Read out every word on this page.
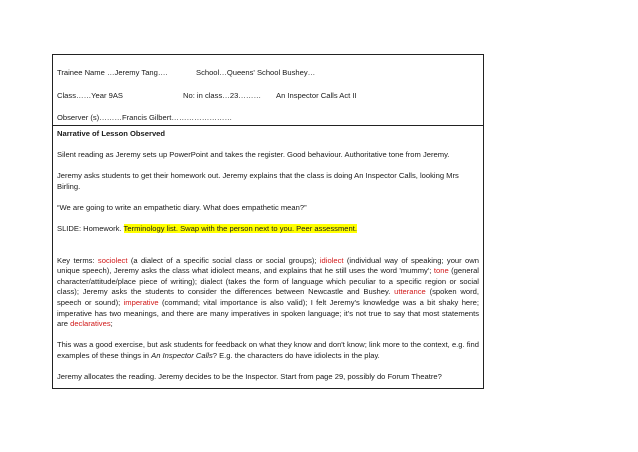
Trainee Name …Jeremy Tang….	School…Queens' School Bushey…
Class……Year 9AS	No: in class…23……… An Inspector Calls Act II
Observer (s)………Francis Gilbert……………………

Narrative of Lesson Observed

Silent reading as Jeremy sets up PowerPoint and takes the register. Good behaviour. Authoritative tone from Jeremy.

Jeremy asks students to get their homework out. Jeremy explains that the class is doing An Inspector Calls, looking Mrs Birling.

“We are going to write an empathetic diary. What does empathetic mean?”

SLIDE: Homework. Terminology list. Swap with the person next to you. Peer assessment.

Key terms: sociolect (a dialect of a specific social class or social groups); idiolect (individual way of speaking; your own unique speech), Jeremy asks the class what idiolect means, and explains that he still uses the word 'mummy'; tone (general character/attitude/place piece of writing); dialect (takes the form of language which peculiar to a specific region or social class); Jeremy asks the students to consider the differences between Newcastle and Bushey. utterance (spoken word, speech or sound); imperative (command; vital importance is also valid); I felt Jeremy's knowledge was a bit shaky here; imperative has two meanings, and there are many imperatives in spoken language; it's not true to say that most statements are declaratives;

This was a good exercise, but ask students for feedback on what they know and don't know; link more to the context, e.g. find examples of these things in An Inspector Calls? E.g. the characters do have idiolects in the play.

Jeremy allocates the reading. Jeremy decides to be the Inspector. Start from page 29, possibly do Forum Theatre?
